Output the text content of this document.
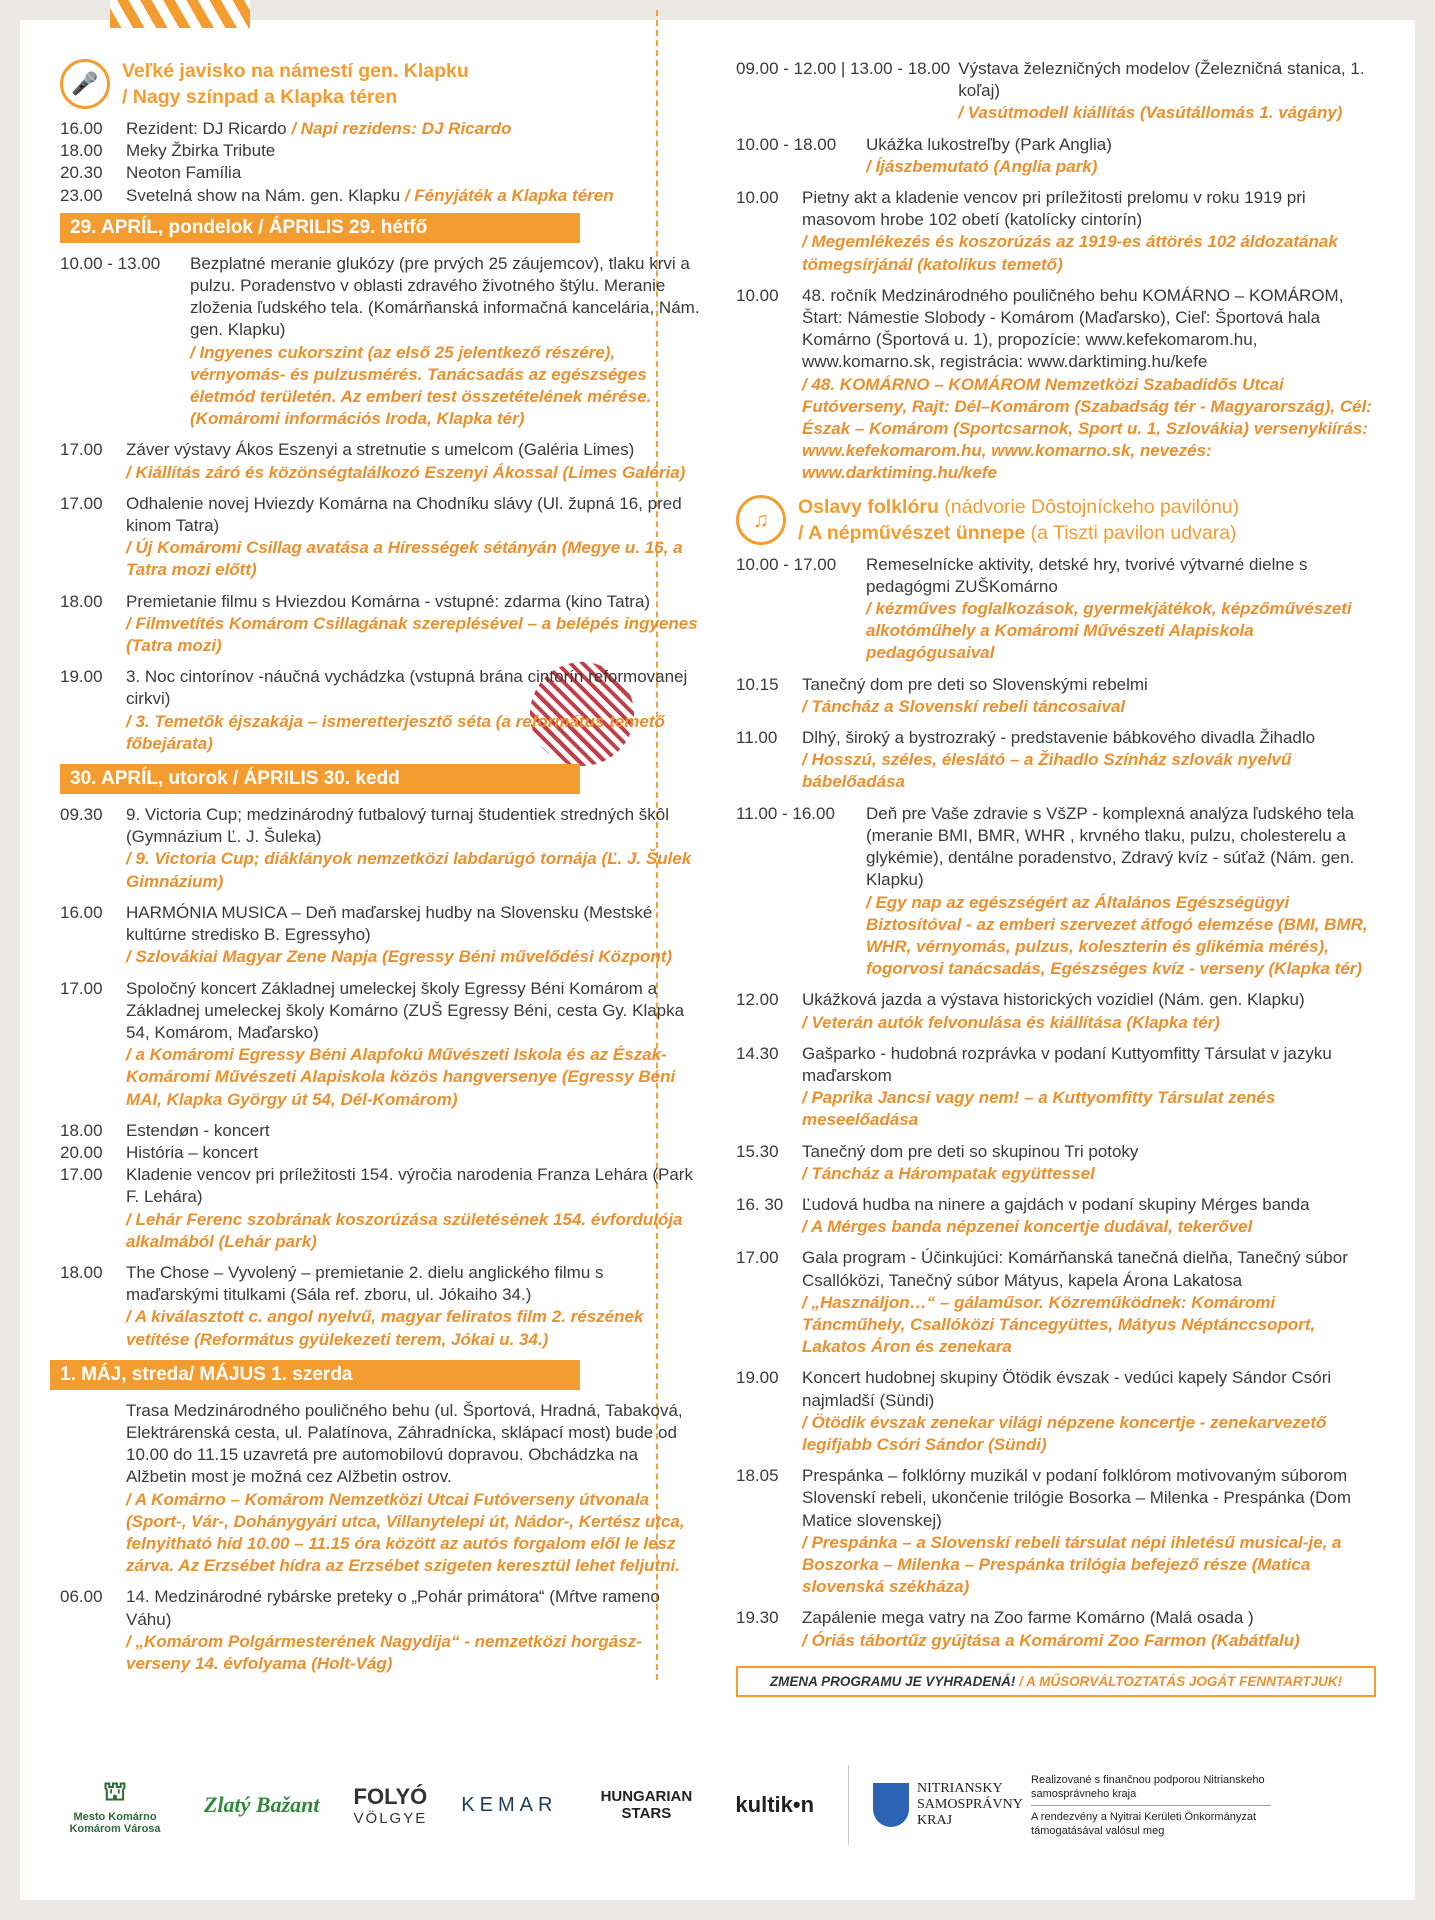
🎤	Veľké javisko na námestí gen. Klapku
/ Nagy színpad a Klapka téren
16.00	Rezident: DJ Ricardo / Napi rezidens: DJ Ricardo
18.00	Meky Žbirka Tribute
20.30	Neoton Família
23.00	Svetelná show na Nám. gen. Klapku / Fényjáték a Klapka téren
29. APRÍL, pondelok / ÁPRILIS 29. hétfő
10.00 - 13.00	Bezplatné meranie glukózy (pre prvých 25 záujemcov), tlaku krvi a pulzu. Poradenstvo v oblasti zdravého životného štýlu. Meranie zloženia ľudského tela. (Komárňanská informačná kancelária, Nám. gen. Klapku)
/ Ingyenes cukorszint (az első 25 jelentkező részére), vérnyomás- és pulzusmérés. Tanácsadás az egészséges életmód területén. Az emberi test összetételének mérése. (Komáromi információs Iroda, Klapka tér)
17.00	Záver výstavy Ákos Eszenyi a stretnutie s umelcom (Galéria Limes)
/ Kiállítás záró és közönségtalálkozó Eszenyi Ákossal (Limes Galéria)
17.00	Odhalenie novej Hviezdy Komárna na Chodníku slávy (Ul. župná 16, pred kinom Tatra)
/ Új Komáromi Csillag avatása a Hírességek sétányán (Megye u. 16, a Tatra mozi előtt)
18.00	Premietanie filmu s Hviezdou Komárna - vstupné: zdarma (kino Tatra)
/ Filmvetítés Komárom Csillagának szereplésével – a belépés ingyenes (Tatra mozi)
19.00	3. Noc cintorínov -náučná vychádzka (vstupná brána cintorín reformovanej cirkvi)
/ 3. Temetők éjszakája – ismeretterjesztő séta (a református temető főbejárata)
30. APRÍL, utorok / ÁPRILIS 30. kedd
09.30	9. Victoria Cup; medzinárodný futbalový turnaj študentiek stredných škôl (Gymnázium Ľ. J. Šuleka)
/ 9. Victoria Cup; diáklányok nemzetközi labdarúgó tornája (Ľ. J. Šulek Gimnázium)
16.00	HARMÓNIA MUSICA – Deň maďarskej hudby na Slovensku (Mestské kultúrne stredisko B. Egressyho)
/ Szlovákiai Magyar Zene Napja (Egressy Béni művelődési Központ)
17.00	Spoločný koncert Základnej umeleckej školy Egressy Béni Komárom a Základnej umeleckej školy Komárno (ZUŠ Egressy Béni, cesta Gy. Klapka 54, Komárom, Maďarsko)
/ a Komáromi Egressy Béni Alapfokú Művészeti Iskola és az Észak-Komáromi Művészeti Alapiskola közös hangversenye (Egressy Béni MAI, Klapka György út 54, Dél-Komárom)
18.00	Estendøn - koncert
20.00	História – koncert
17.00	Kladenie vencov pri príležitosti 154. výročia narodenia Franza Lehára (Park F. Lehára)
/ Lehár Ferenc szobrának koszorúzása születésének 154. évfordulója alkalmából (Lehár park)
18.00	The Chose – Vyvolený – premietanie 2. dielu anglického filmu s maďarskými titulkami (Sála ref. zboru, ul. Jókaiho 34.)
/ A kiválasztott c. angol nyelvű, magyar feliratos film 2. részének vetítése (Református gyülekezeti terem, Jókai u. 34.)
1. MÁJ, streda/ MÁJUS 1. szerda
Trasa Medzinárodného pouličného behu (ul. Športová, Hradná, Tabaková, Elektrárenská cesta, ul. Palatínova, Záhradnícka, sklápací most) bude od 10.00 do 11.15 uzavretá pre automobilovú dopravou. Obchádzka na Alžbetin most je možná cez Alžbetin ostrov.
/ A Komárno – Komárom Nemzetközi Utcai Futóverseny útvonala (Sport-, Vár-, Dohánygyári utca, Villanytelepi út, Nádor-, Kertész utca, felnyitható híd 10.00 – 11.15 óra között az autós forgalom elől le lesz zárva. Az Erzsébet hídra az Erzsébet szigeten keresztül lehet feljutni.
06.00	14. Medzinárodné rybárske preteky o „Pohár primátora“ (Mŕtve rameno Váhu)
/ „Komárom Polgármesterének Nagydíja“ - nemzetközi horgász-verseny 14. évfolyama (Holt-Vág)
09.00 - 12.00 | 13.00 - 18.00 Výstava železničných modelov (Železničná stanica, 1. koľaj)
/ Vasútmodell kiállítás (Vasútállomás 1. vágány)
10.00 - 18.00	Ukážka lukostreľby (Park Anglia)
/ Íjászbemutató (Anglia park)
10.00	Pietny akt a kladenie vencov pri príležitosti prelomu v roku 1919 pri masovom hrobe 102 obetí (katolícky cintorín)
/ Megemlékezés és koszorúzás az 1919-es áttörés 102 áldozatának tömegsírjánál (katolikus temető)
10.00	48. ročník Medzinárodného pouličného behu KOMÁRNO – KOMÁROM, Štart: Námestie Slobody - Komárom (Maďarsko), Cieľ: Športová hala Komárno (Športová u. 1), propozície: www.kefekomarom.hu, www.komarno.sk, registrácia: www.darktiming.hu/kefe
/ 48. KOMÁRNO – KOMÁROM Nemzetközi Szabadidős Utcai Futóverseny, Rajt: Dél–Komárom (Szabadság tér - Magyarország), Cél: Észak – Komárom (Sportcsarnok, Sport u. 1, Szlovákia) versenykiírás: www.kefekomarom.hu, www.komarno.sk, nevezés: www.darktiming.hu/kefe
♫	Oslavy folklóru (nádvorie Dôstojníckeho pavilónu)
/ A népművészet ünnepe (a Tiszti pavilon udvara)
10.00 - 17.00	Remeselnícke aktivity, detské hry, tvorivé výtvarné dielne s pedagógmi ZUŠKomárno
/ kézműves foglalkozások, gyermekjátékok, képzőművészeti alkotóműhely a Komáromi Művészeti Alapiskola pedagógusaival
10.15	Tanečný dom pre deti so Slovenskými rebelmi
/ Táncház a Slovenskí rebeli táncosaival
11.00	Dlhý, široký a bystrozraký - predstavenie bábkového divadla Žihadlo
/ Hosszú, széles, éleslátó – a Žihadlo Színház szlovák nyelvű bábelőadása
11.00 - 16.00	Deň pre Vaše zdravie s VšZP - komplexná analýza ľudského tela (meranie BMI, BMR, WHR , krvného tlaku, pulzu, cholesterelu a glykémie), dentálne poradenstvo, Zdravý kvíz - súťaž (Nám. gen. Klapku)
/ Egy nap az egészségért az Általános Egészségügyi Biztosítóval - az emberi szervezet átfogó elemzése (BMI, BMR, WHR, vérnyomás, pulzus, koleszterin és glikémia mérés), fogorvosi tanácsadás, Egészséges kvíz - verseny (Klapka tér)
12.00	Ukážková jazda a výstava historických vozidiel (Nám. gen. Klapku)
/ Veterán autók felvonulása és kiállítása (Klapka tér)
14.30	Gašparko - hudobná rozprávka v podaní Kuttyomfitty Társulat v jazyku maďarskom
/ Paprika Jancsi vagy nem! – a Kuttyomfitty Társulat zenés meseelőadása
15.30	Tanečný dom pre deti so skupinou Tri potoky
/ Táncház a Hárompatak együttessel
16. 30	Ľudová hudba na ninere a gajdách v podaní skupiny Mérges banda
/ A Mérges banda népzenei koncertje dudával, tekerővel
17.00	Gala program - Účinkujúci: Komárňanská tanečná dielňa, Tanečný súbor Csallóközi, Tanečný súbor Mátyus, kapela Árona Lakatosa
/ „Használjon…“ – gálaműsor. Közreműködnek: Komáromi Táncműhely, Csallóközi Táncegyüttes, Mátyus Néptánccsoport, Lakatos Áron és zenekara
19.00	Koncert hudobnej skupiny Ötödik évszak - vedúci kapely Sándor Csóri najmladší (Sündi)
/ Ötödik évszak zenekar világi népzene koncertje - zenekarvezető legifjabb Csóri Sándor (Sündi)
18.05	Prespánka – folklórny muzikál v podaní folklórom motivovaným súborom Slovenskí rebeli, ukončenie trilógie Bosorka – Milenka - Prespánka (Dom Matice slovenskej)
/ Prespánka – a Slovenskí rebeli társulat népi ihletésű musical-je, a Boszorka – Milenka – Prespánka trilógia befejező része (Matica slovenská székháza)
19.30	Zapálenie mega vatry na Zoo farme Komárno (Malá osada )
/ Óriás tábortűz gyújtása a Komáromi Zoo Farmon (Kabátfalu)
ZMENA PROGRAMU JE VYHRADENÁ! / A MŰSORVÁLTOZTATÁS JOGÁT FENNTARTJUK!
⛫
Mesto Komárno Komárom Városa
Zlatý Bažant FOLYÓ
VÖLGYE
KEMAR	HUNGARIAN STARS	kultik•n
NITRIANSKY SAMOSPRÁVNY KRAJ
Realizované s finančnou podporou Nitrianskeho samosprávneho kraja
A rendezvény a Nyitrai Kerületi Önkormányzat támogatásával valósul meg
